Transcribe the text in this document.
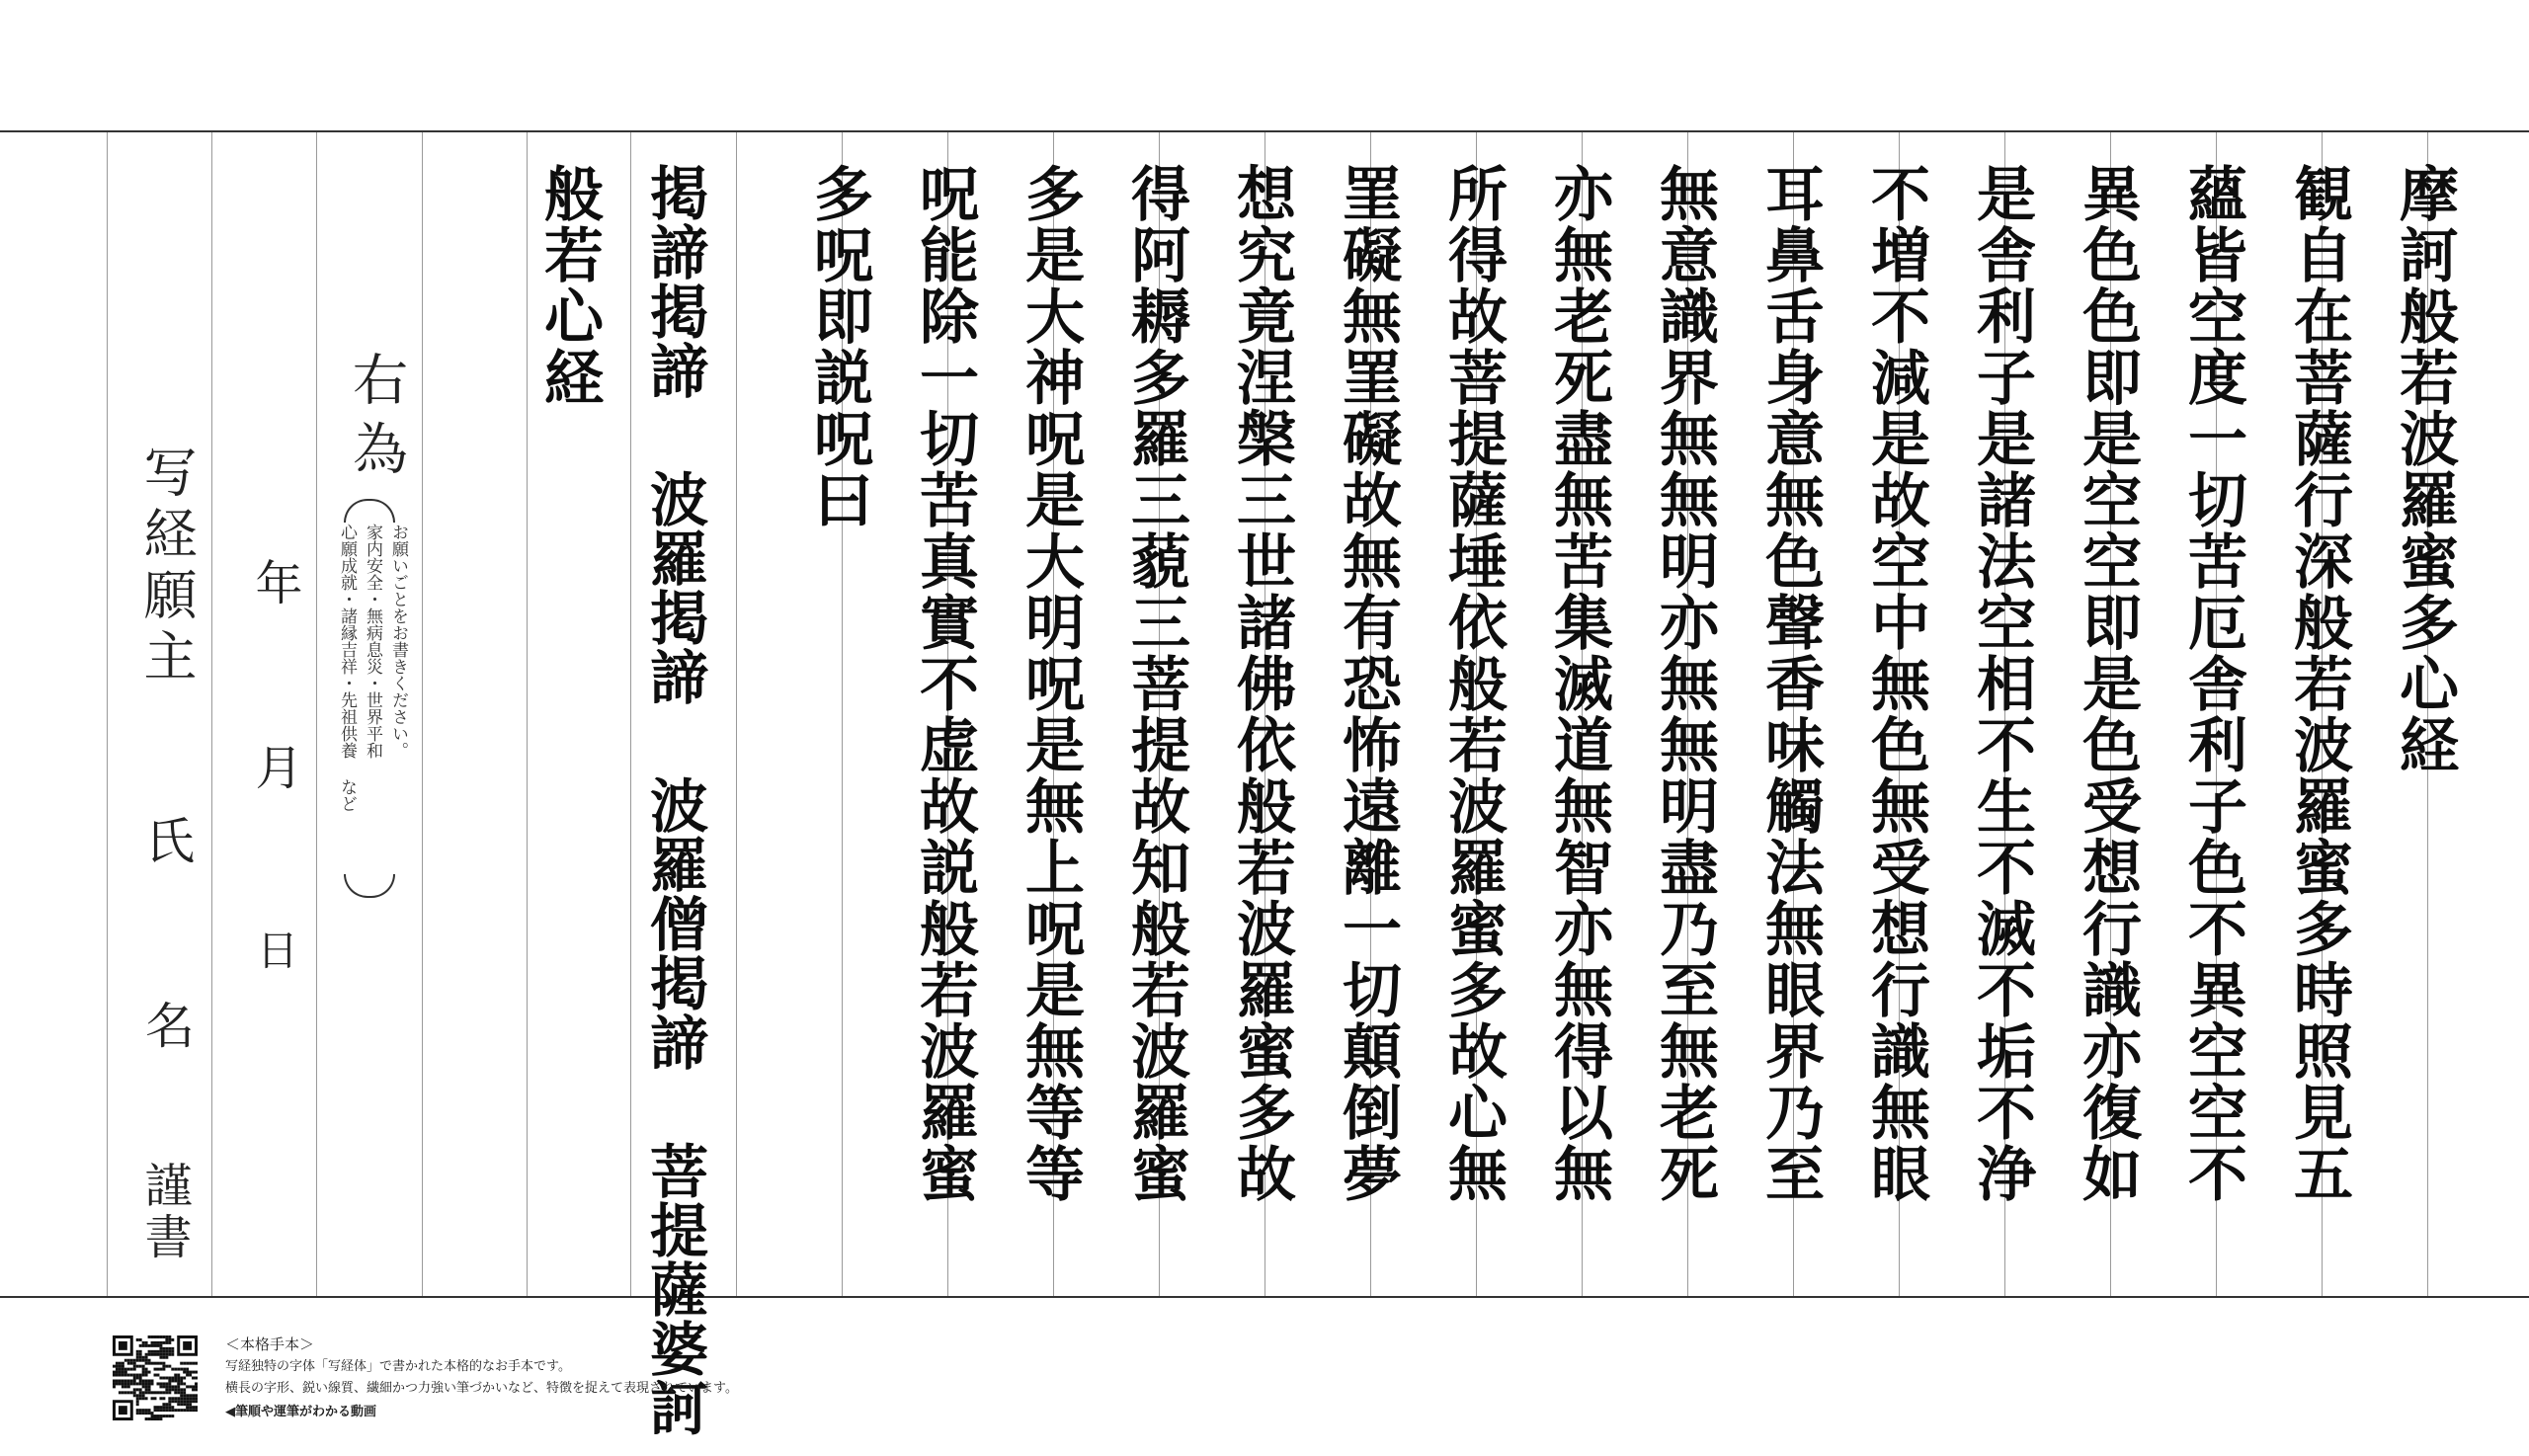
摩訶般若波羅蜜多心経
観自在菩薩行深般若波羅蜜多時照見五
蘊皆空度一切苦厄舎利子色不異空空不
異色色即是空空即是色受想行識亦復如
是舎利子是諸法空相不生不滅不垢不浄
不増不減是故空中無色無受想行識無眼
耳鼻舌身意無色聲香味觸法無眼界乃至
無意識界無無明亦無無明盡乃至無老死
亦無老死盡無苦集滅道無智亦無得以無
所得故菩提薩埵依般若波羅蜜多故心無
罣礙無罣礙故無有恐怖遠離一切顛倒夢
想究竟涅槃三世諸佛依般若波羅蜜多故
得阿耨多羅三藐三菩提故知般若波羅蜜
多是大神呪是大明呪是無上呪是無等等
呪能除一切苦真實不虚故説般若波羅蜜
多呪即説呪曰
掲諦掲諦 波羅掲諦 波羅僧掲諦 菩提薩婆訶
般若心経
右為
お願いごとをお書きください。
家内安全・無病息災・世界平和
心願成就・諸縁吉祥・先祖供養 など
年
月
日
写経願主
氏
名
謹書
＜本格手本＞
写経独特の字体「写経体」で書かれた本格的なお手本です。
横長の字形、鋭い線質、繊細かつ力強い筆づかいなど、特徴を捉えて表現されています。
◀筆順や運筆がわかる動画
